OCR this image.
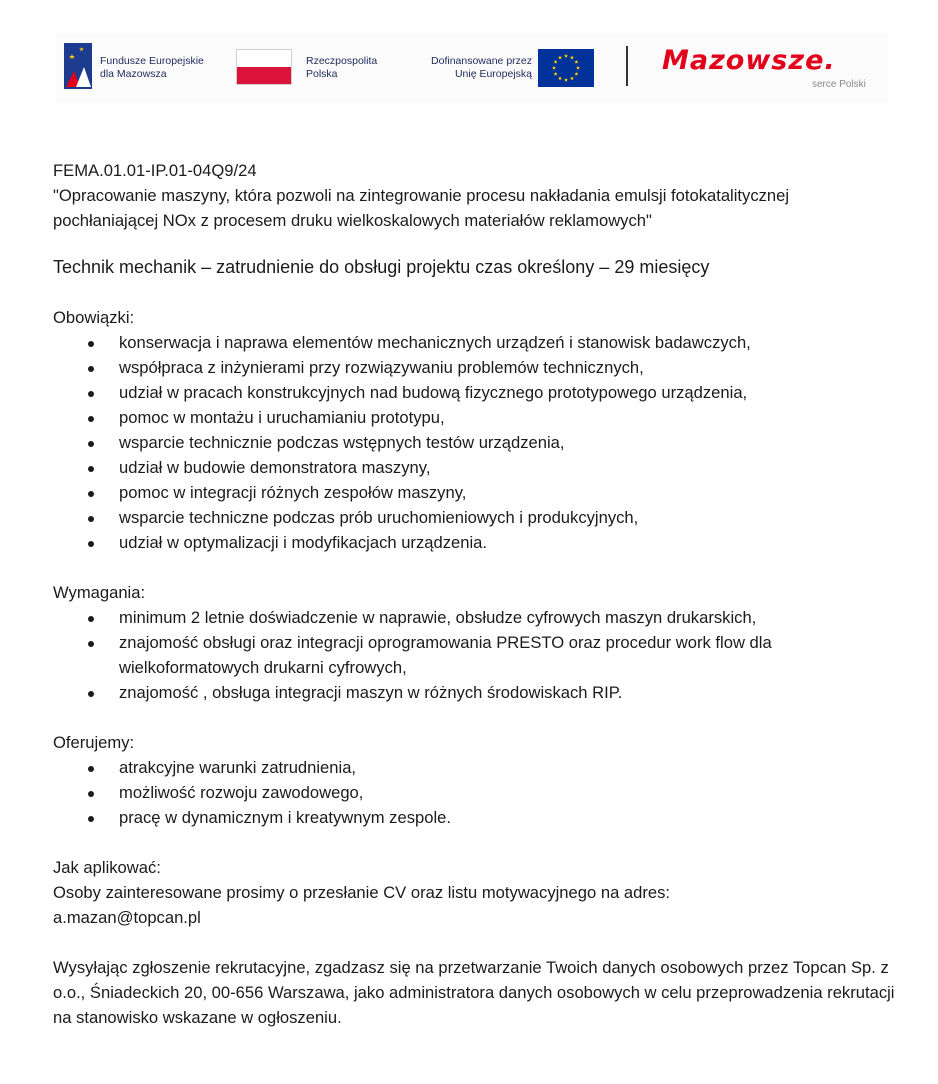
Fundusze Europejskie
dla Mazowsza
Rzeczpospolita
Polska
Dofinansowane przez
Unię Europejską	Mazowsze.
serce Polski

FEMA.01.01-IP.01-04Q9/24

"Opracowanie maszyny, która pozwoli na zintegrowanie procesu nakładania emulsji fotokatalitycznej

pochłaniającej NOx z procesem druku wielkoskalowych materiałów reklamowych"

Technik mechanik – zatrudnienie do obsługi projektu czas określony – 29 miesięcy

Obowiązki:

konserwacja i naprawa elementów mechanicznych urządzeń i stanowisk badawczych,
współpraca z inżynierami przy rozwiązywaniu problemów technicznych,
udział w pracach konstrukcyjnych nad budową fizycznego prototypowego urządzenia,
pomoc w montażu i uruchamianiu prototypu,
wsparcie technicznie podczas wstępnych testów urządzenia,
udział w budowie demonstratora maszyny,
pomoc w integracji różnych zespołów maszyny,
wsparcie techniczne podczas prób uruchomieniowych i produkcyjnych,
udział w optymalizacji i modyfikacjach urządzenia.

Wymagania:

minimum 2 letnie doświadczenie w naprawie, obsłudze cyfrowych maszyn drukarskich,
znajomość obsługi oraz integracji oprogramowania PRESTO oraz procedur work flow dla wielkoformatowych drukarni cyfrowych,
znajomość , obsługa integracji maszyn w różnych środowiskach RIP.

Oferujemy:

atrakcyjne warunki zatrudnienia,
możliwość rozwoju zawodowego,
pracę w dynamicznym i kreatywnym zespole.

Jak aplikować:

Osoby zainteresowane prosimy o przesłanie CV oraz listu motywacyjnego na adres:

a.mazan@topcan.pl

Wysyłając zgłoszenie rekrutacyjne, zgadzasz się na przetwarzanie Twoich danych osobowych przez Topcan Sp. z o.o., Śniadeckich 20, 00-656 Warszawa, jako administratora danych osobowych w celu przeprowadzenia rekrutacji na stanowisko wskazane w ogłoszeniu.
